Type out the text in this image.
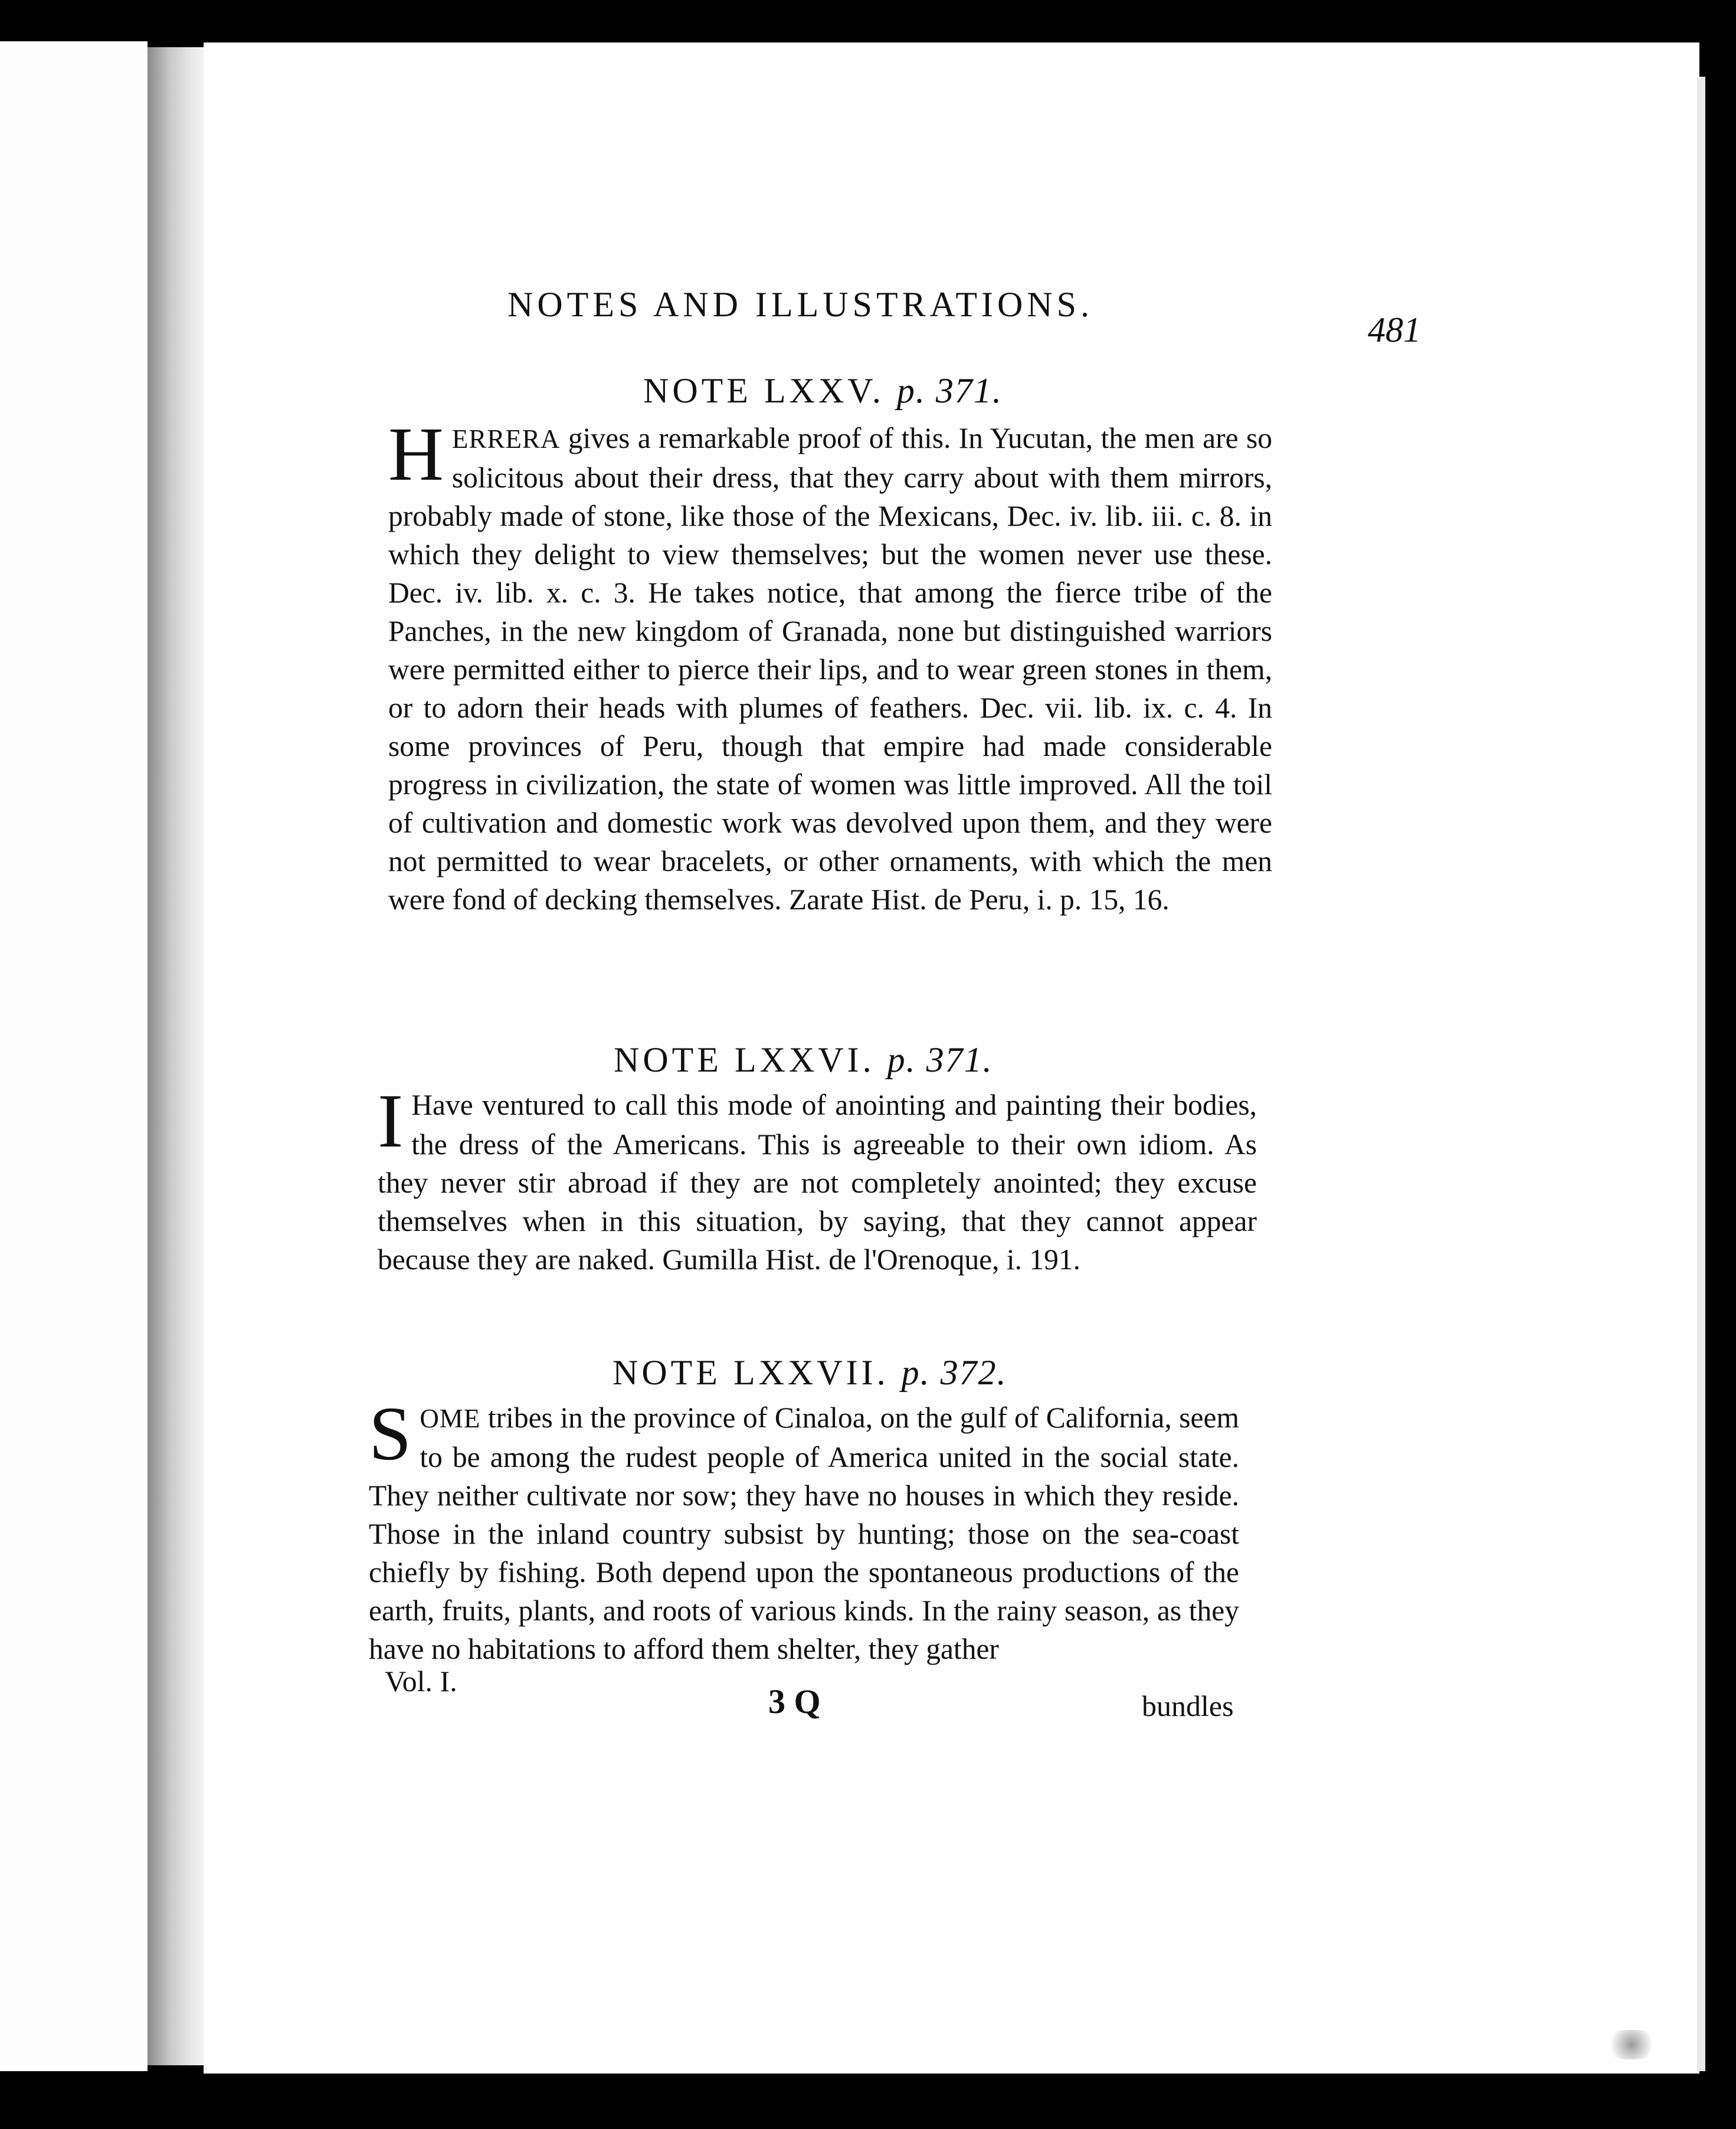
NOTES AND ILLUSTRATIONS.
481
NOTE LXXV. p. 371.
HERRERA gives a remarkable proof of this. In Yucutan, the men are so solicitous about their dress, that they carry about with them mirrors, probably made of stone, like those of the Mexicans, Dec. iv. lib. iii. c. 8. in which they delight to view themselves; but the women never use these. Dec. iv. lib. x. c. 3. He takes notice, that among the fierce tribe of the Panches, in the new kingdom of Granada, none but distinguished warriors were permitted either to pierce their lips, and to wear green stones in them, or to adorn their heads with plumes of feathers. Dec. vii. lib. ix. c. 4. In some provinces of Peru, though that empire had made considerable progress in civilization, the state of women was little improved. All the toil of cultivation and domestic work was devolved upon them, and they were not permitted to wear bracelets, or other ornaments, with which the men were fond of decking themselves. Zarate Hist. de Peru, i. p. 15, 16.
NOTE LXXVI. p. 371.
I Have ventured to call this mode of anointing and painting their bodies, the dress of the Americans. This is agreeable to their own idiom. As they never stir abroad if they are not completely anointed; they excuse themselves when in this situation, by saying, that they cannot appear because they are naked. Gumilla Hist. de l'Orenoque, i. 191.
NOTE LXXVII. p. 372.
SOME tribes in the province of Cinaloa, on the gulf of California, seem to be among the rudest people of America united in the social state. They neither cultivate nor sow; they have no houses in which they reside. Those in the inland country subsist by hunting; those on the sea-coast chiefly by fishing. Both depend upon the spontaneous productions of the earth, fruits, plants, and roots of various kinds. In the rainy season, as they have no habitations to afford them shelter, they gather
Vol. I.
3 Q	bundles
